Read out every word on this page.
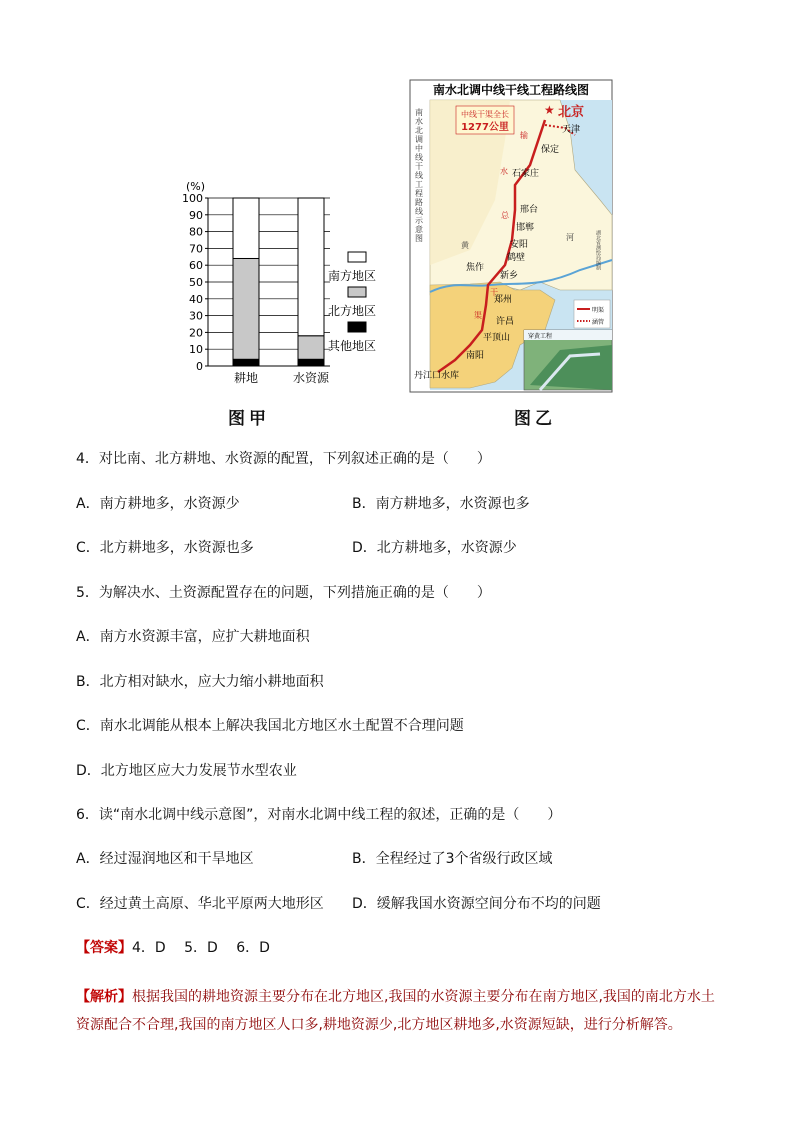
(%)
100
90
80
70
60
50
40
30
20
10
0
耕地	水资源
南方地区
北方地区
其他地区
图甲
南水北调中线干线工程路线图
黄
河
中线干渠全长
1277公里
南水北调中线干线工程路线示意图	北京
★
天津
保定
石家庄
邢台
邯郸
安阳
鹤壁
焦作
新乡
郑州
许昌
平顶山
南阳
丹江口水库
输
水
总
干
渠
明渠
涵管
湖北省测绘局编制
穿黄工程
图乙
4．对比南、北方耕地、水资源的配置，下列叙述正确的是（　　）
A．南方耕地多，水资源少	B．南方耕地多，水资源也多
C．北方耕地多，水资源也多	D．北方耕地多，水资源少
5．为解决水、土资源配置存在的问题，下列措施正确的是（　　）
A．南方水资源丰富，应扩大耕地面积
B．北方相对缺水，应大力缩小耕地面积
C．南水北调能从根本上解决我国北方地区水土配置不合理问题
D．北方地区应大力发展节水型农业
6．读“南水北调中线示意图”，对南水北调中线工程的叙述，正确的是（　　）
A．经过湿润地区和干旱地区	B．全程经过了3个省级行政区域
C．经过黄土高原、华北平原两大地形区 D．缓解我国水资源空间分布不均的问题
【答案】4．D　 5．D　 6．D
【解析】根据我国的耕地资源主要分布在北方地区,我国的水资源主要分布在南方地区,我国的南北方水土资源配合不合理,我国的南方地区人口多,耕地资源少,北方地区耕地多,水资源短缺，进行分析解答。
